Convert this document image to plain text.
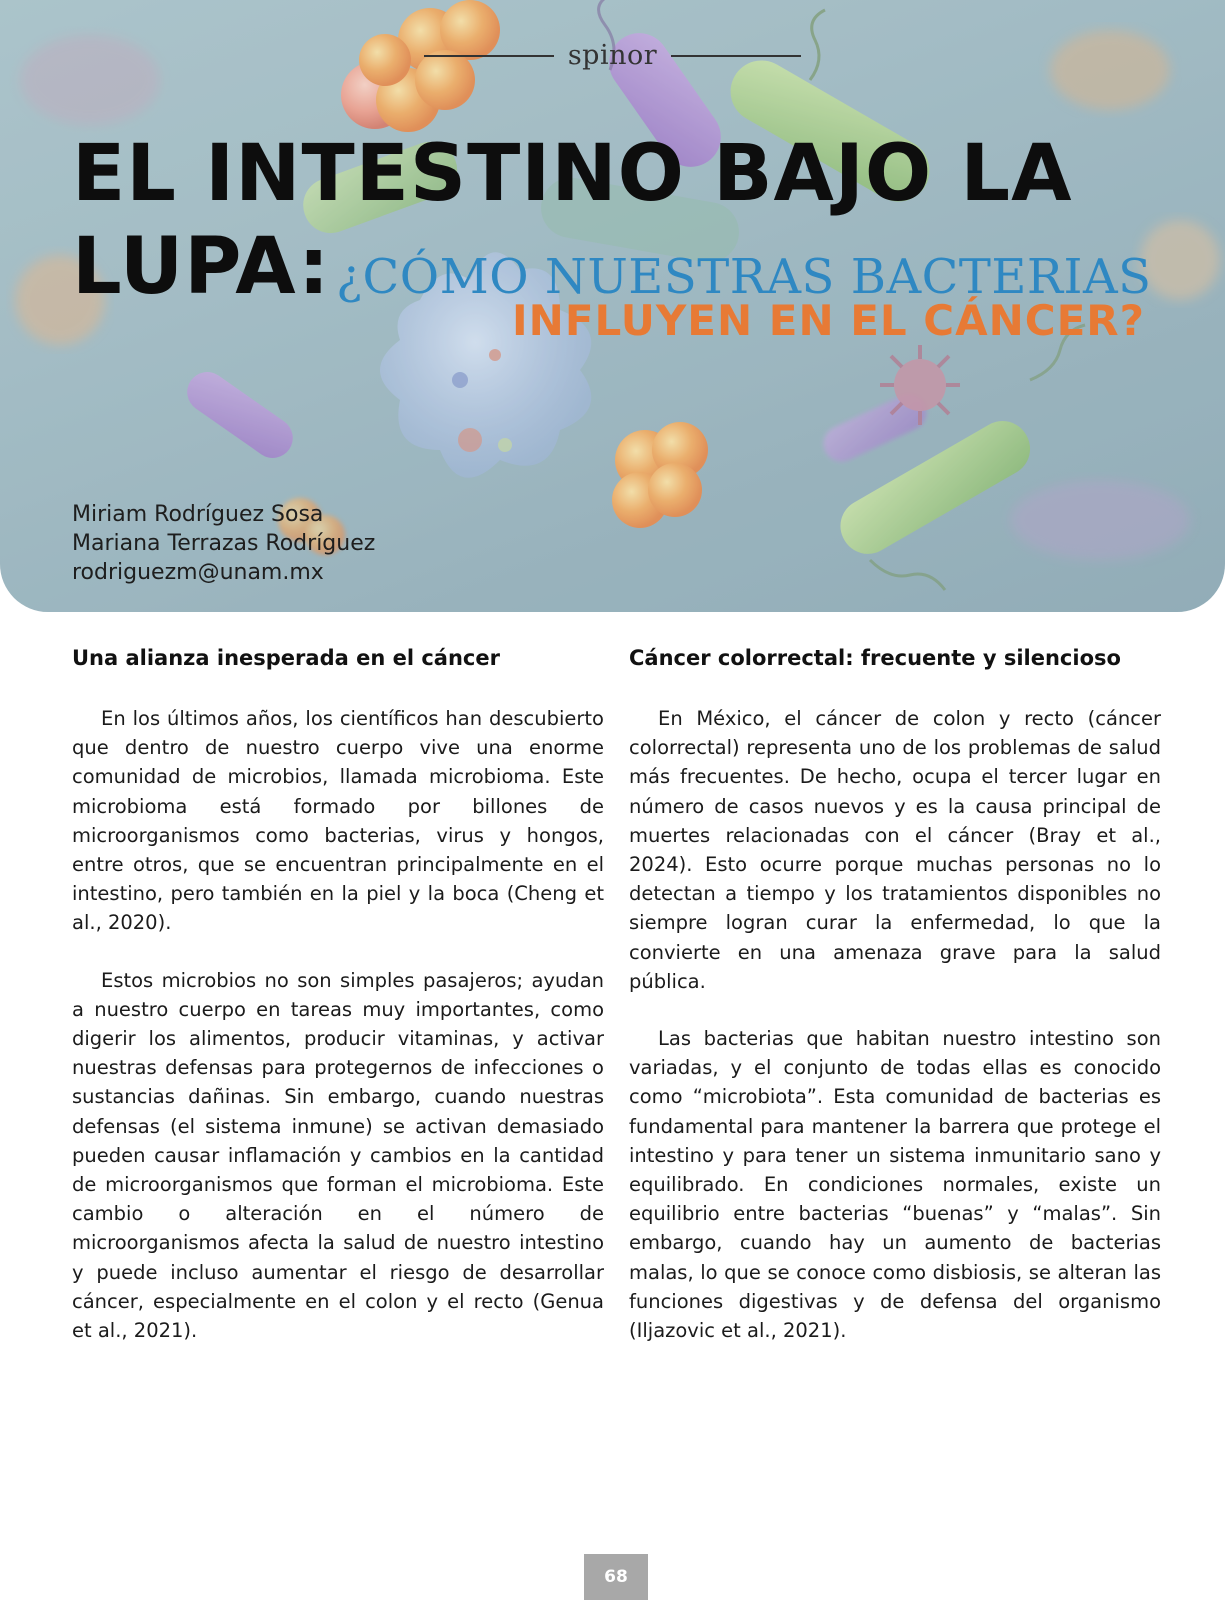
spinor
EL INTESTINO BAJO LA
LUPA: ¿CÓMO NUESTRAS BACTERIAS
INFLUYEN EN EL CÁNCER?
Miriam Rodríguez Sosa
Mariana Terrazas Rodríguez
rodriguezm@unam.mx
Una alianza inesperada en el cáncer

En los últimos años, los científicos han descubierto que dentro de nuestro cuerpo vive una enorme comunidad de microbios, llamada microbioma. Este microbioma está formado por billones de microorganismos como bacterias, virus y hongos, entre otros, que se encuentran principalmente en el intestino, pero también en la piel y la boca (Cheng et al., 2020).

Estos microbios no son simples pasajeros; ayudan a nuestro cuerpo en tareas muy importantes, como digerir los alimentos, producir vitaminas, y activar nuestras defensas para protegernos de infecciones o sustancias dañinas. Sin embargo, cuando nuestras defensas (el sistema inmune) se activan demasiado pueden causar inflamación y cambios en la cantidad de microorganismos que forman el microbioma. Este cambio o alteración en el número de microorganismos afecta la salud de nuestro intestino y puede incluso aumentar el riesgo de desarrollar cáncer, especialmente en el colon y el recto (Genua et al., 2021).

Cáncer colorrectal: frecuente y silencioso

En México, el cáncer de colon y recto (cáncer colorrectal) representa uno de los problemas de salud más frecuentes. De hecho, ocupa el tercer lugar en número de casos nuevos y es la causa principal de muertes relacionadas con el cáncer (Bray et al., 2024). Esto ocurre porque muchas personas no lo detectan a tiempo y los tratamientos disponibles no siempre logran curar la enfermedad, lo que la convierte en una amenaza grave para la salud pública.

Las bacterias que habitan nuestro intestino son variadas, y el conjunto de todas ellas es conocido como “microbiota”. Esta comunidad de bacterias es fundamental para mantener la barrera que protege el intestino y para tener un sistema inmunitario sano y equilibrado. En condiciones normales, existe un equilibrio entre bacterias “buenas” y “malas”. Sin embargo, cuando hay un aumento de bacterias malas, lo que se conoce como disbiosis, se alteran las funciones digestivas y de defensa del organismo (Iljazovic et al., 2021).

68
